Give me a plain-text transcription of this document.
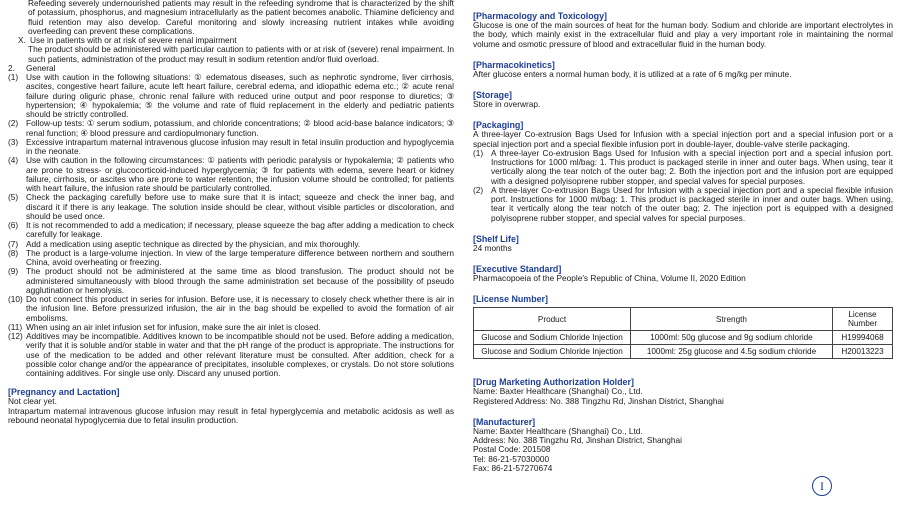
Refeeding severely undernourished patients may result in the refeeding syndrome that is characterized by the shift of potassium, phosphorus, and magnesium intracellularly as the patient becomes anabolic. Thiamine deficiency and fluid retention may also develop. Careful monitoring and slowly increasing nutrient intakes while avoiding overfeeding can prevent these complications.

X. Use in patients with or at risk of severe renal impairment

The product should be administered with particular caution to patients with or at risk of (severe) renal impairment. In such patients, administration of the product may result in sodium retention and/or fluid overload.

2.	General
(1) Use with caution in the following situations: ① edematous diseases, such as nephrotic syndrome, liver cirrhosis, ascites, congestive heart failure, acute left heart failure, cerebral edema, and idiopathic edema etc.; ② acute renal failure during oliguric phase, chronic renal failure with reduced urine output and poor response to diuretics; ③ hypertension; ④ hypokalemia; ⑤ the volume and rate of fluid replacement in the elderly and pediatric patients should be strictly controlled.
(2) Follow-up tests: ① serum sodium, potassium, and chloride concentrations; ② blood acid-base balance indicators; ③ renal function; ④ blood pressure and cardiopulmonary function.
(3) Excessive intrapartum maternal intravenous glucose infusion may result in fetal insulin production and hypoglycemia in the neonate.
(4) Use with caution in the following circumstances: ① patients with periodic paralysis or hypokalemia; ② patients who are prone to stress- or glucocorticoid-induced hyperglycemia; ③ for patients with edema, severe heart or kidney failure, cirrhosis, or ascites who are prone to water retention, the infusion volume should be controlled; for patients with heart failure, the infusion rate should be particularly controlled.
(5) Check the packaging carefully before use to make sure that it is intact; squeeze and check the inner bag, and discard it if there is any leakage. The solution inside should be clear, without visible particles or discoloration, and should be used once.
(6) It is not recommended to add a medication; if necessary, please squeeze the bag after adding a medication to check carefully for leakage.
(7) Add a medication using aseptic technique as directed by the physician, and mix thoroughly.
(8) The product is a large-volume injection. In view of the large temperature difference between northern and southern China, avoid overheating or freezing.
(9) The product should not be administered at the same time as blood transfusion. The product should not be administered simultaneously with blood through the same administration set because of the possibility of pseudo agglutination or hemolysis.
(10) Do not connect this product in series for infusion. Before use, it is necessary to closely check whether there is air in the infusion line. Before pressurized infusion, the air in the bag should be expelled to avoid the formation of air embolisms.
(11) When using an air inlet infusion set for infusion, make sure the air inlet is closed.
(12) Additives may be incompatible. Additives known to be incompatible should not be used. Before adding a medication, verify that it is soluble and/or stable in water and that the pH range of the product is appropriate. The instructions for use of the medication to be added and other relevant literature must be consulted. After addition, check for a possible color change and/or the appearance of precipitates, insoluble complexes, or crystals. Do not store solutions containing additives. For single use only. Discard any unused portion.

[Pregnancy and Lactation]

Not clear yet.

Intrapartum maternal intravenous glucose infusion may result in fetal hyperglycemia and metabolic acidosis as well as rebound neonatal hypoglycemia due to fetal insulin production.

[Pharmacology and Toxicology]

Glucose is one of the main sources of heat for the human body. Sodium and chloride are important electrolytes in the body, which mainly exist in the extracellular fluid and play a very important role in maintaining the normal volume and osmotic pressure of blood and extracellular fluid in the human body.

[Pharmacokinetics]

After glucose enters a normal human body, it is utilized at a rate of 6 mg/kg per minute.

[Storage]

Store in overwrap.

[Packaging]

A three-layer Co-extrusion Bags Used for Infusion with a special injection port and a special infusion port or a special injection port and a special flexible infusion port in double-layer, double-valve sterile packaging.

(1) A three-layer Co-extrusion Bags Used for Infusion with a special injection port and a special infusion port. Instructions for 1000 ml/bag: 1. This product is packaged sterile in inner and outer bags. When using, tear it vertically along the tear notch of the outer bag; 2. Both the injection port and the infusion port are equipped with a designed polyisoprene rubber stopper, and special valves for special purposes.
(2) A three-layer Co-extrusion Bags Used for Infusion with a special injection port and a special flexible infusion port. Instructions for 1000 ml/bag: 1. This product is packaged sterile in inner and outer bags. When using, tear it vertically along the tear notch of the outer bag; 2. The injection port is equipped with a designed polyisoprene rubber stopper, and special valves for special purposes.

[Shelf Life]

24 months

[Executive Standard]

Pharmacopoeia of the People's Republic of China, Volume II, 2020 Edition

[License Number]

Product	Strength	License Number
Glucose and Sodium Chloride Injection	1000ml: 50g glucose and 9g sodium chloride	H19994068
Glucose and Sodium Chloride Injection	1000ml: 25g glucose and 4.5g sodium chloride	H20013223

[Drug Marketing Authorization Holder]

Name: Baxter Healthcare (Shanghai) Co., Ltd.

Registered Address: No. 388 Tingzhu Rd, Jinshan District, Shanghai

[Manufacturer]

Name: Baxter Healthcare (Shanghai) Co., Ltd.

Address: No. 388 Tingzhu Rd, Jinshan District, Shanghai

Postal Code: 201508

Tel: 86-21-57030000

Fax: 86-21-57270674

I
